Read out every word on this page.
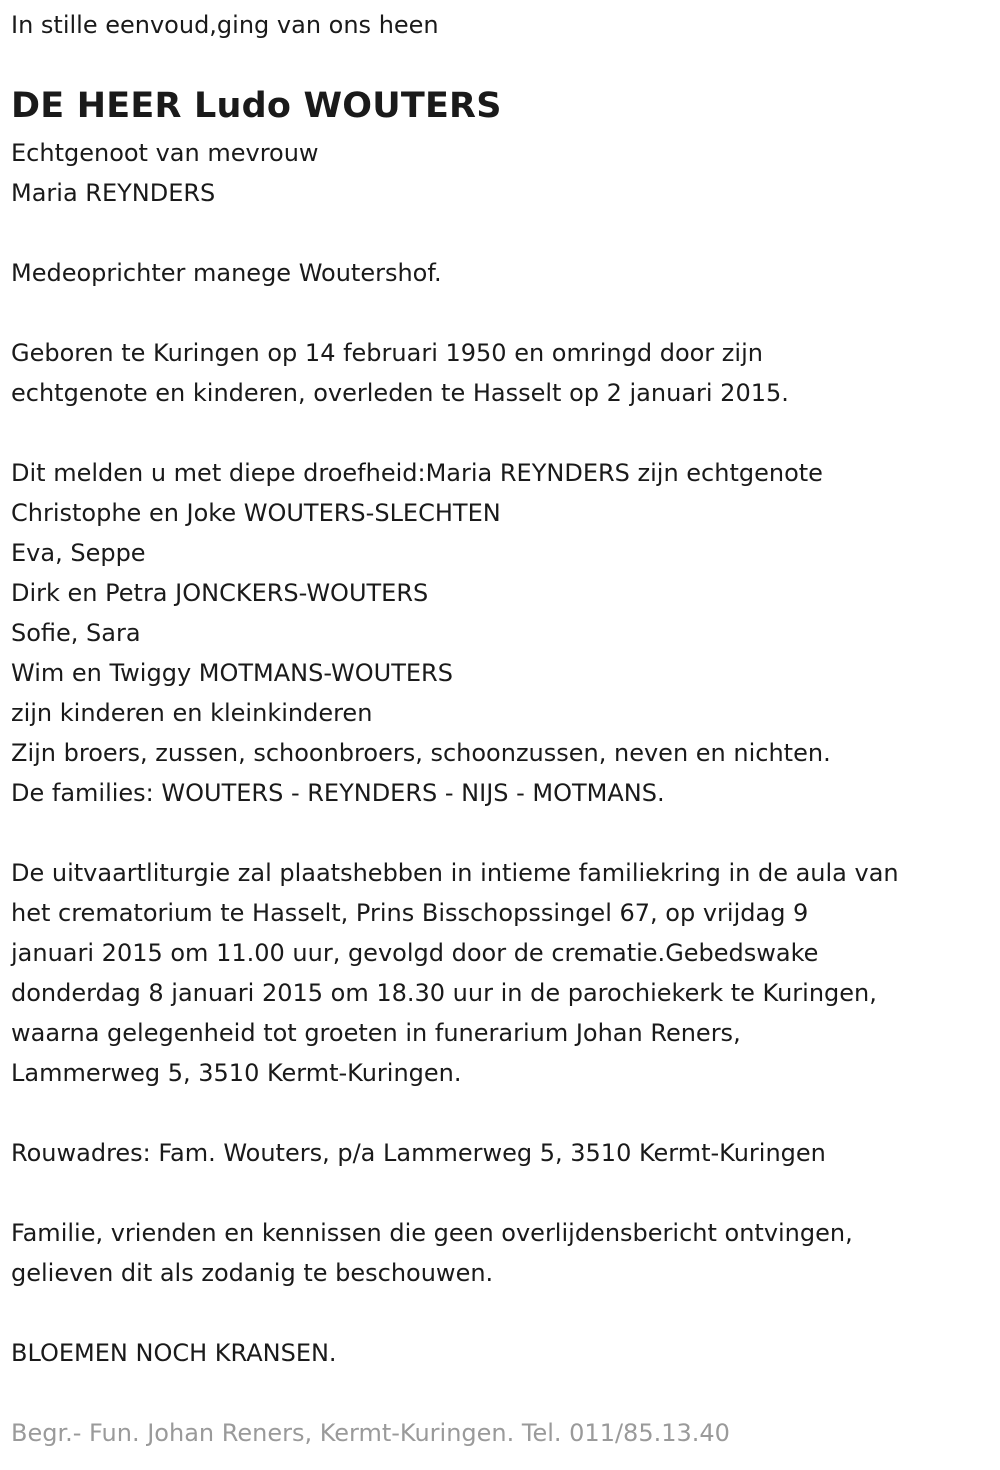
In stille eenvoud,ging van ons heen

DE HEER Ludo WOUTERS

Echtgenoot van mevrouw

Maria REYNDERS

Medeoprichter manege Woutershof.

Geboren te Kuringen op 14 februari 1950 en omringd door zijn

echtgenote en kinderen, overleden te Hasselt op 2 januari 2015.

Dit melden u met diepe droefheid:Maria REYNDERS zijn echtgenote

Christophe en Joke WOUTERS-SLECHTEN

Eva, Seppe

Dirk en Petra JONCKERS-WOUTERS

Sofie, Sara

Wim en Twiggy MOTMANS-WOUTERS

zijn kinderen en kleinkinderen

Zijn broers, zussen, schoonbroers, schoonzussen, neven en nichten.

De families: WOUTERS - REYNDERS - NIJS - MOTMANS.

De uitvaartliturgie zal plaatshebben in intieme familiekring in de aula van

het crematorium te Hasselt, Prins Bisschopssingel 67, op vrijdag 9

januari 2015 om 11.00 uur, gevolgd door de crematie.Gebedswake

donderdag 8 januari 2015 om 18.30 uur in de parochiekerk te Kuringen,

waarna gelegenheid tot groeten in funerarium Johan Reners,

Lammerweg 5, 3510 Kermt-Kuringen.

Rouwadres: Fam. Wouters, p/a Lammerweg 5, 3510 Kermt-Kuringen

Familie, vrienden en kennissen die geen overlijdensbericht ontvingen,

gelieven dit als zodanig te beschouwen.

BLOEMEN NOCH KRANSEN.

Begr.- Fun. Johan Reners, Kermt-Kuringen. Tel. 011/85.13.40
